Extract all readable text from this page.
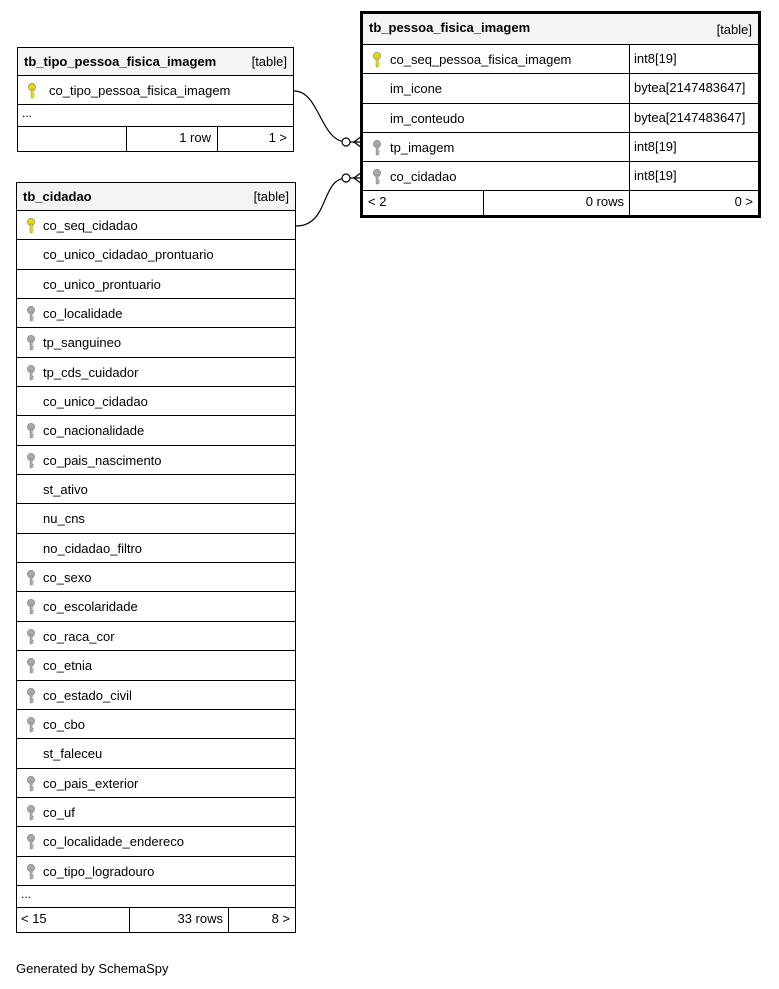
tb_tipo_pessoa_fisica_imagem	[table]
co_tipo_pessoa_fisica_imagem
...
1 row	1 >
tb_pessoa_fisica_imagem	[table]
co_seq_pessoa_fisica_imagem	int8[19]
im_icone	bytea[2147483647]
im_conteudo	bytea[2147483647]
tp_imagem	int8[19]
co_cidadao	int8[19]
< 2	0 rows	0 >
tb_cidadao	[table]
co_seq_cidadao
co_unico_cidadao_prontuario
co_unico_prontuario
co_localidade
tp_sanguineo
tp_cds_cuidador
co_unico_cidadao
co_nacionalidade
co_pais_nascimento
st_ativo
nu_cns
no_cidadao_filtro
co_sexo
co_escolaridade
co_raca_cor
co_etnia
co_estado_civil
co_cbo
st_faleceu
co_pais_exterior
co_uf
co_localidade_endereco
co_tipo_logradouro
...
< 15	33 rows	8 >
Generated by SchemaSpy
